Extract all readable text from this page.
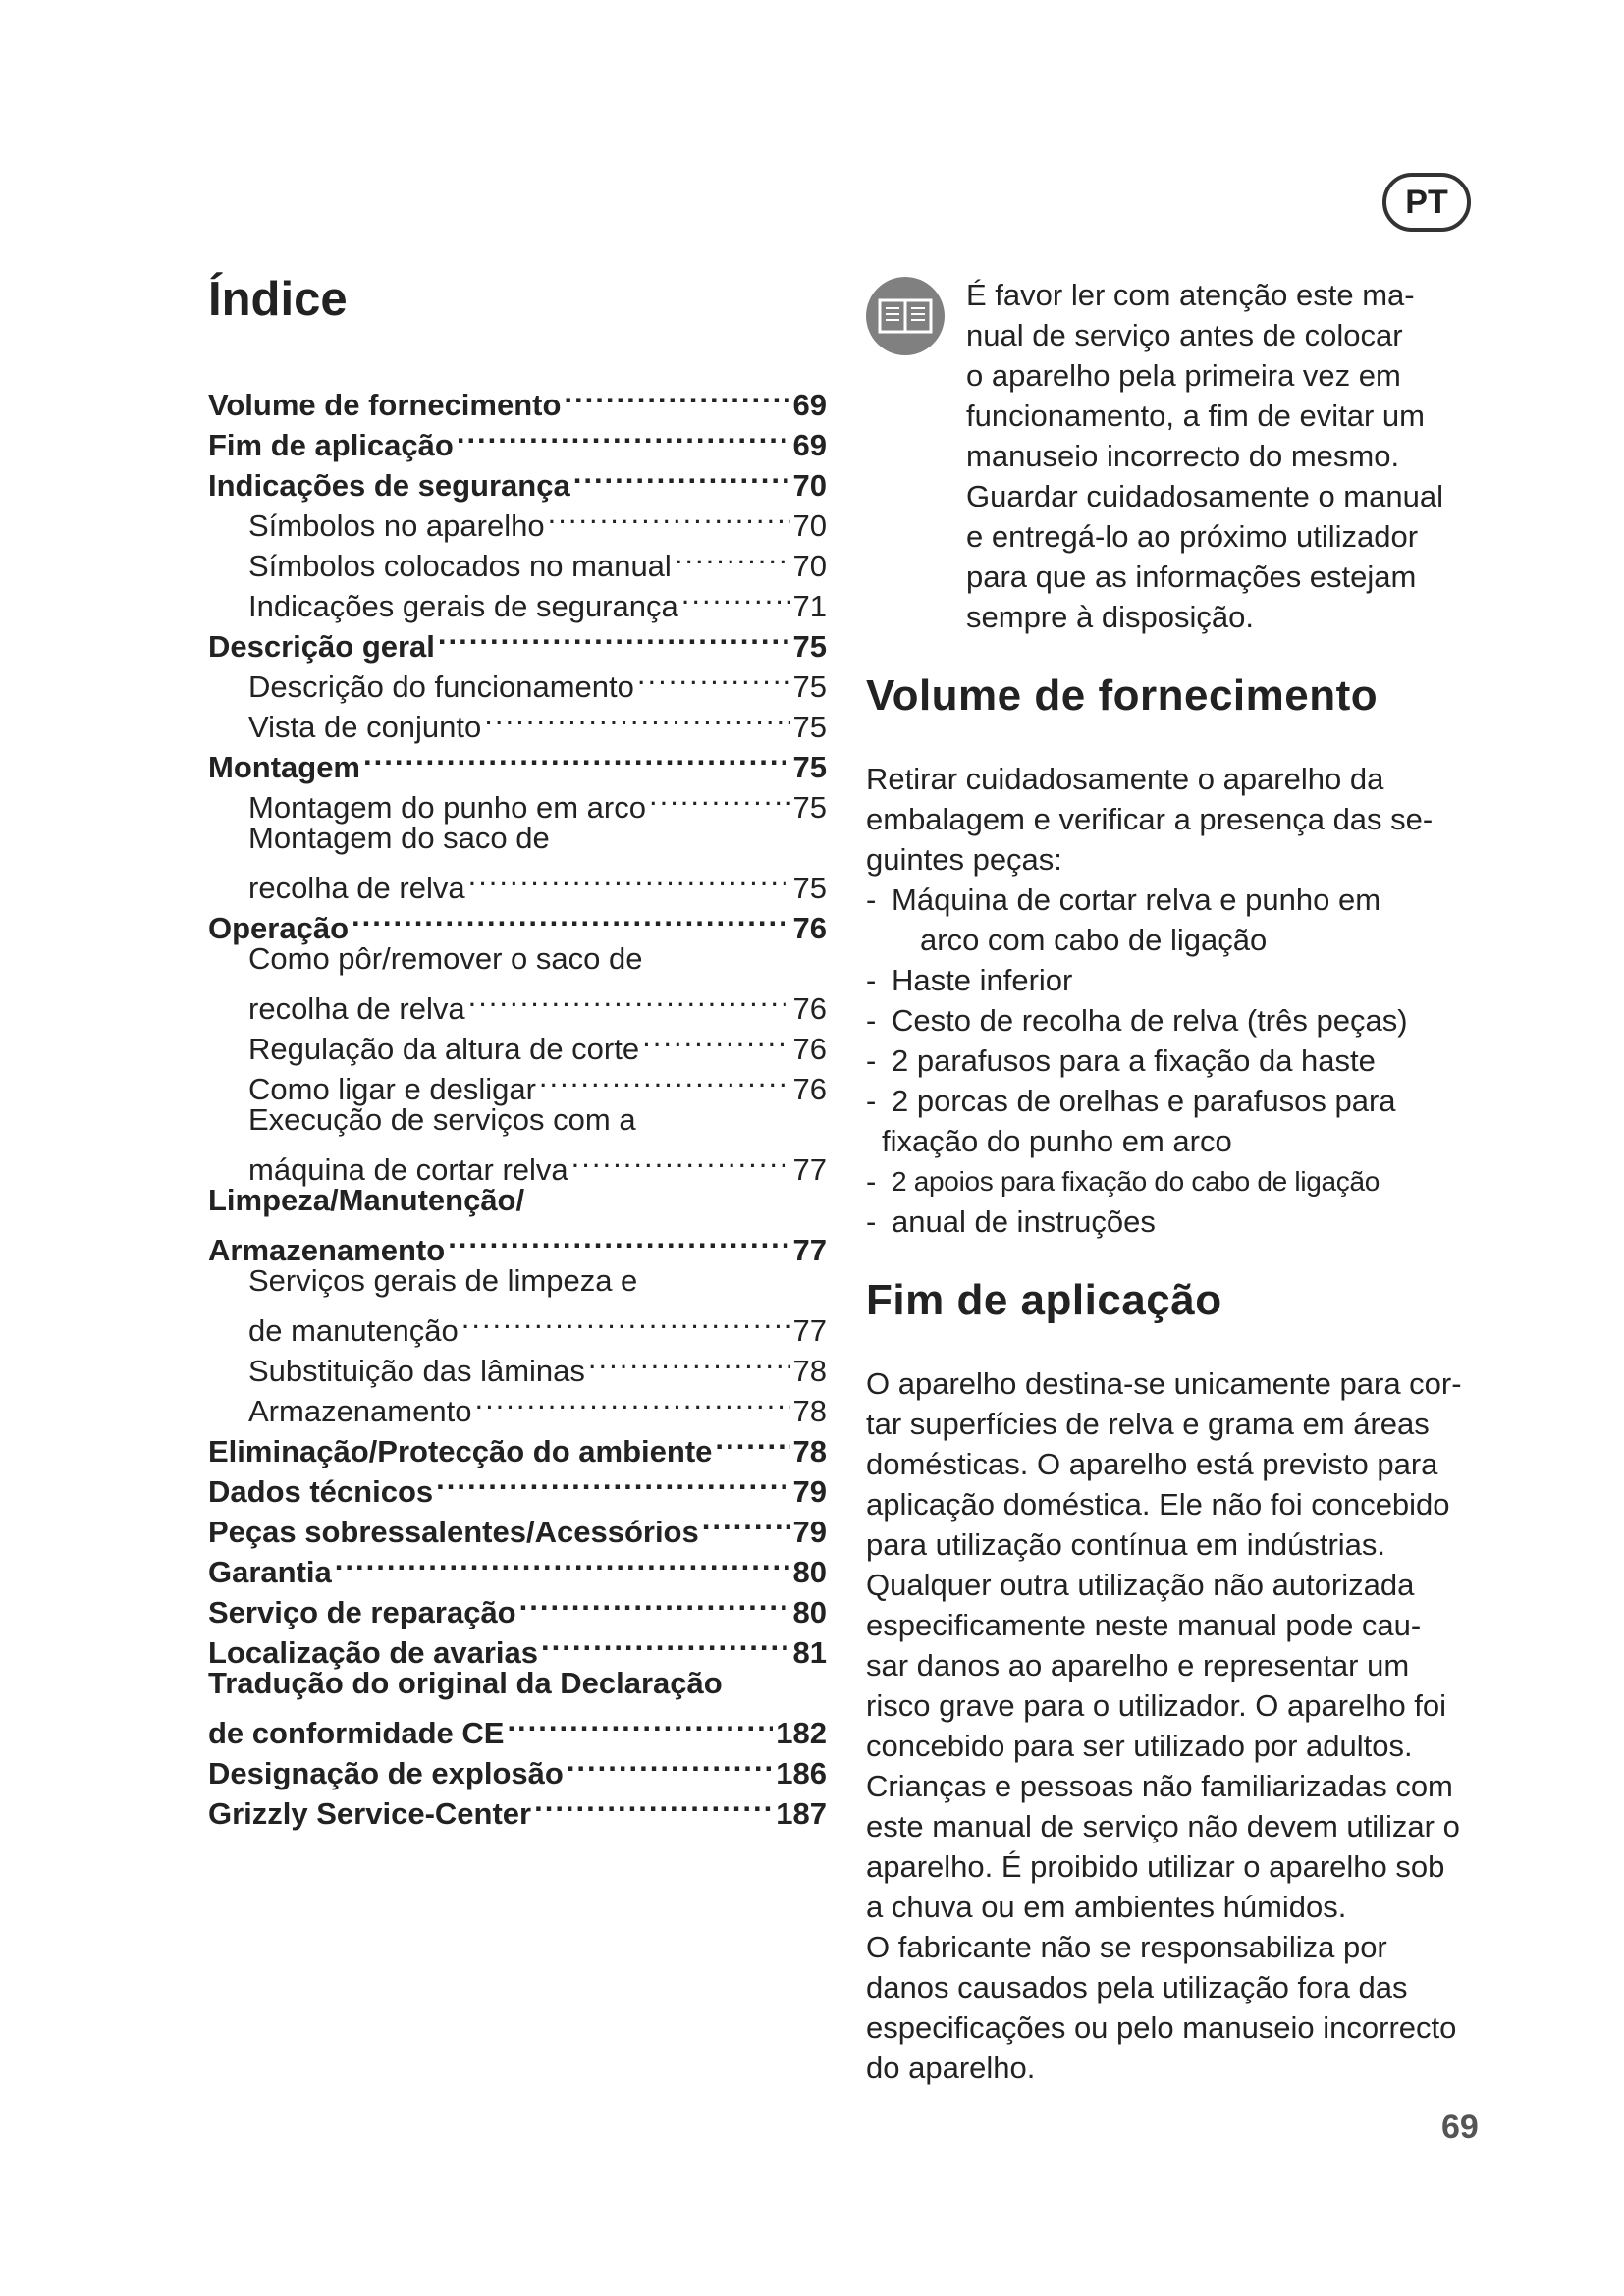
PT
Índice
Volume de fornecimento .....	69
Fim de aplicação .....	69
Indicações de segurança .....	70
Símbolos no aparelho .....	70
Símbolos colocados no manual .....	70
Indicações gerais de segurança .....	71
Descrição geral .....	75
Descrição do funcionamento .....	75
Vista de conjunto .....	75
Montagem .....	75
Montagem do punho em arco .....	75
Montagem do saco de
recolha de relva .....	75
Operação .....	76
Como pôr/remover o saco de
recolha de relva .....	76
Regulação da altura de corte .....	76
Como ligar e desligar .....	76
Execução de serviços com a
máquina de cortar relva .....	77
Limpeza/Manutenção/
Armazenamento .....	77
Serviços gerais de limpeza e
de manutenção .....	77
Substituição das lâminas .....	78
Armazenamento .....	78
Eliminação/Protecção do ambiente .....	78
Dados técnicos .....	79
Peças sobressalentes/Acessórios .....	79
Garantia .....	80
Serviço de reparação .....	80
Localização de avarias .....	81
Tradução do original da Declaração
de conformidade CE .....	182
Designação de explosão .....	186
Grizzly Service-Center .....	187
É favor ler com atenção este ma-
nual de serviço antes de colocar
o aparelho pela primeira vez em
funcionamento, a fim de evitar um
manuseio incorrecto do mesmo.
Guardar cuidadosamente o manual
e entregá-lo ao próximo utilizador
para que as informações estejam
sempre à disposição.
Volume de fornecimento
Retirar cuidadosamente o aparelho da
embalagem e verificar a presença das se-
guintes peças:
- Máquina de cortar relva e punho em
arco com cabo de ligação
- Haste inferior
- Cesto de recolha de relva (três peças)
- 2 parafusos para a fixação da haste
- 2 porcas de orelhas e parafusos para
fixação do punho em arco
- 2 apoios para fixação do cabo de ligação
- anual de instruções
Fim de aplicação
O aparelho destina-se unicamente para cor-
tar superfícies de relva e grama em áreas
domésticas. O aparelho está previsto para
aplicação doméstica. Ele não foi concebido
para utilização contínua em indústrias.
Qualquer outra utilização não autorizada
especificamente neste manual pode cau-
sar danos ao aparelho e representar um
risco grave para o utilizador. O aparelho foi
concebido para ser utilizado por adultos.
Crianças e pessoas não familiarizadas com
este manual de serviço não devem utilizar o
aparelho. É proibido utilizar o aparelho sob
a chuva ou em ambientes húmidos.
O fabricante não se responsabiliza por
danos causados pela utilização fora das
especificações ou pelo manuseio incorrecto
do aparelho.
69
